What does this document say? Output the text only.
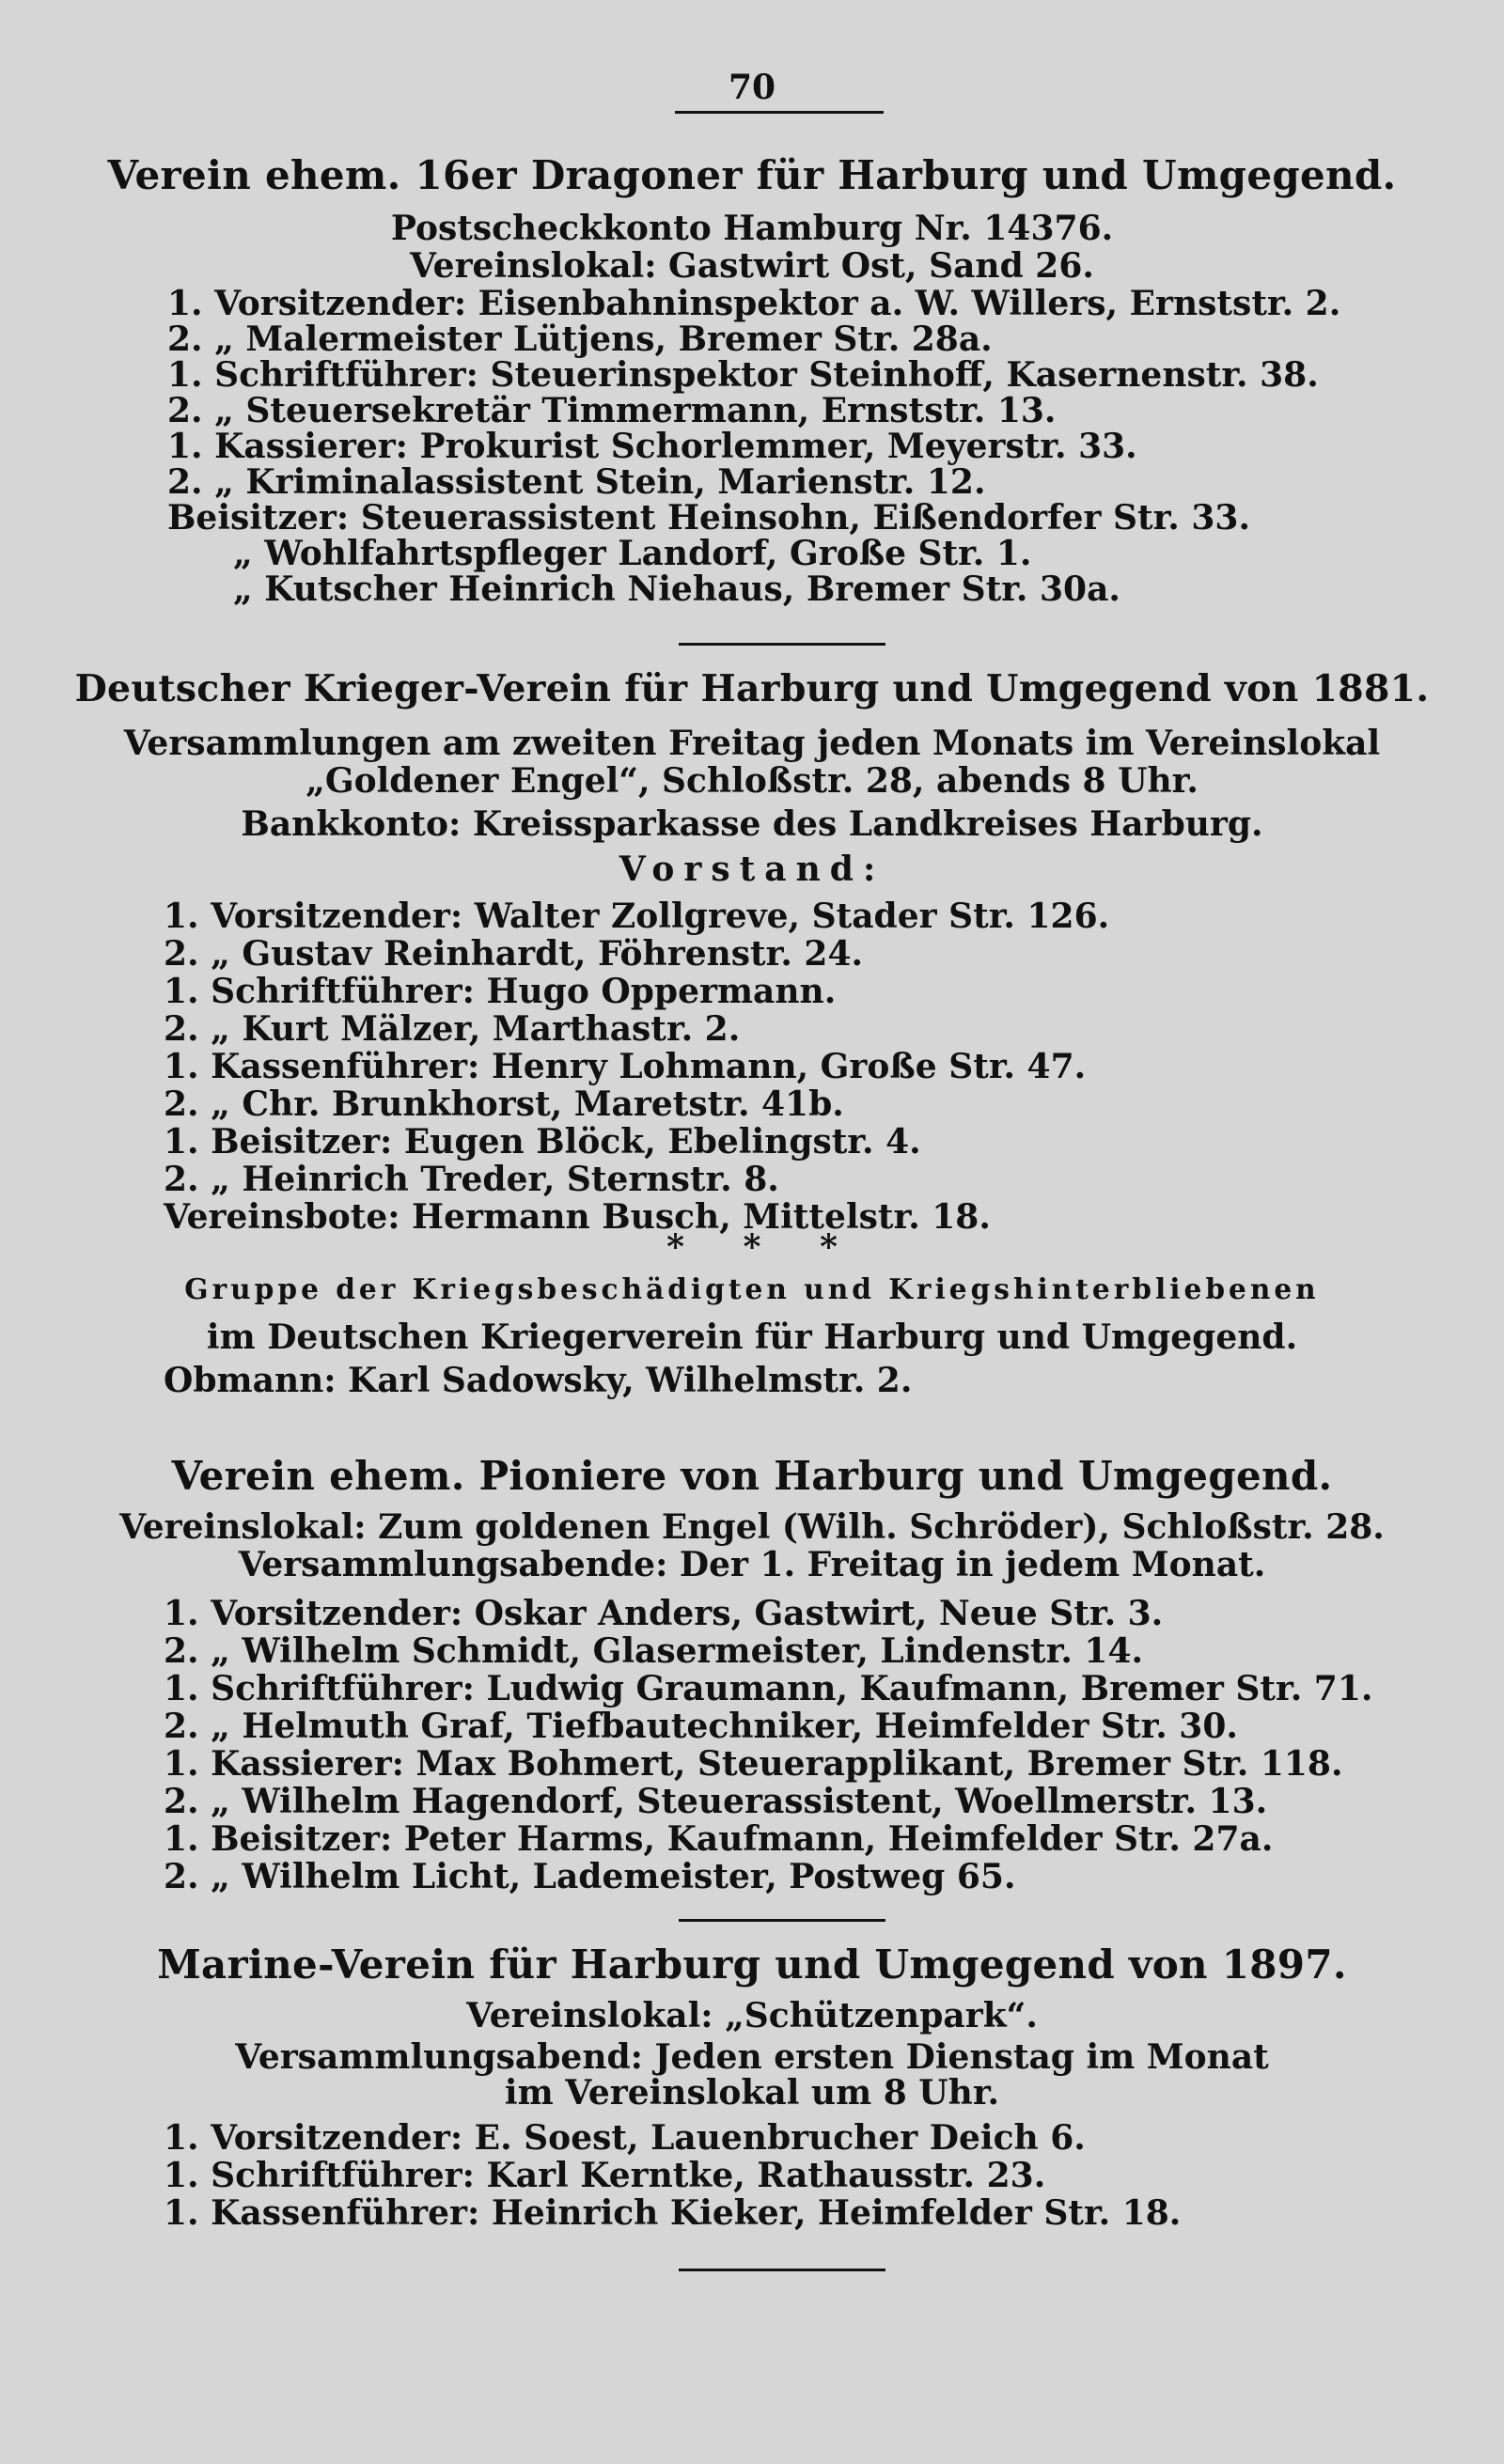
70
Verein ehem. 16er Dragoner für Harburg und Umgegend.
Postscheckkonto Hamburg Nr. 14376.
Vereinslokal: Gastwirt Ost, Sand 26.
1. Vorsitzender: Eisenbahninspektor a. W. Willers, Ernststr. 2.
2. „ Malermeister Lütjens, Bremer Str. 28a.
1. Schriftführer: Steuerinspektor Steinhoff, Kasernenstr. 38.
2. „ Steuersekretär Timmermann, Ernststr. 13.
1. Kassierer: Prokurist Schorlemmer, Meyerstr. 33.
2. „ Kriminalassistent Stein, Marienstr. 12.
Beisitzer: Steuerassistent Heinsohn, Eißendorfer Str. 33.
„ Wohlfahrtspfleger Landorf, Große Str. 1.
„ Kutscher Heinrich Niehaus, Bremer Str. 30a.
Deutscher Krieger-Verein für Harburg und Umgegend von 1881.
Versammlungen am zweiten Freitag jeden Monats im Vereinslokal
„Goldener Engel“, Schloßstr. 28, abends 8 Uhr.
Bankkonto: Kreissparkasse des Landkreises Harburg.
Vorstand:
1. Vorsitzender: Walter Zollgreve, Stader Str. 126.
2. „ Gustav Reinhardt, Föhrenstr. 24.
1. Schriftführer: Hugo Oppermann.
2. „ Kurt Mälzer, Marthastr. 2.
1. Kassenführer: Henry Lohmann, Große Str. 47.
2. „ Chr. Brunkhorst, Maretstr. 41b.
1. Beisitzer: Eugen Blöck, Ebelingstr. 4.
2. „ Heinrich Treder, Sternstr. 8.
Vereinsbote: Hermann Busch, Mittelstr. 18.
*     *     *
Gruppe der Kriegsbeschädigten und Kriegshinterbliebenen
im Deutschen Kriegerverein für Harburg und Umgegend.
Obmann: Karl Sadowsky, Wilhelmstr. 2.
Verein ehem. Pioniere von Harburg und Umgegend.
Vereinslokal: Zum goldenen Engel (Wilh. Schröder), Schloßstr. 28.
Versammlungsabende: Der 1. Freitag in jedem Monat.
1. Vorsitzender: Oskar Anders, Gastwirt, Neue Str. 3.
2. „ Wilhelm Schmidt, Glasermeister, Lindenstr. 14.
1. Schriftführer: Ludwig Graumann, Kaufmann, Bremer Str. 71.
2. „ Helmuth Graf, Tiefbautechniker, Heimfelder Str. 30.
1. Kassierer: Max Bohmert, Steuerapplikant, Bremer Str. 118.
2. „ Wilhelm Hagendorf, Steuerassistent, Woellmerstr. 13.
1. Beisitzer: Peter Harms, Kaufmann, Heimfelder Str. 27a.
2. „ Wilhelm Licht, Lademeister, Postweg 65.
Marine-Verein für Harburg und Umgegend von 1897.
Vereinslokal: „Schützenpark“.
Versammlungsabend: Jeden ersten Dienstag im Monat
im Vereinslokal um 8 Uhr.
1. Vorsitzender: E. Soest, Lauenbrucher Deich 6.
1. Schriftführer: Karl Kerntke, Rathausstr. 23.
1. Kassenführer: Heinrich Kieker, Heimfelder Str. 18.
